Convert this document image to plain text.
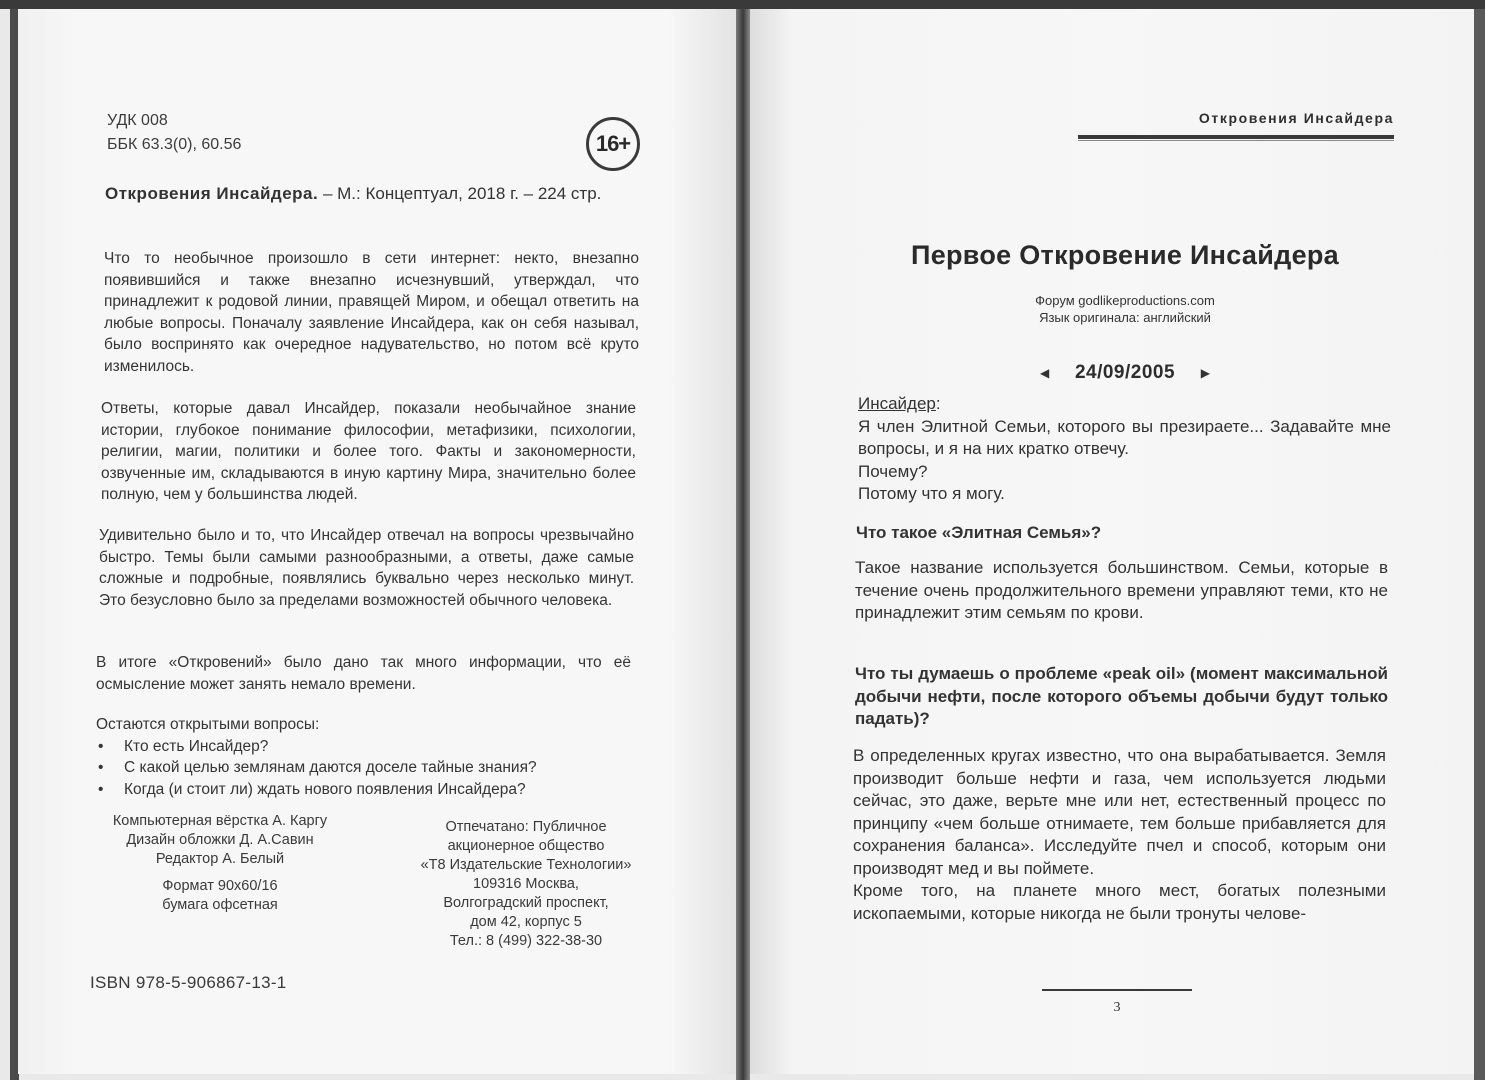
УДК 008
ББК 63.3(0), 60.56	16+
Откровения Инсайдера. – М.: Концептуал, 2018 г. – 224 стр.
Что то необычное произошло в сети интернет: некто, внезапно появившийся и также внезапно исчезнувший, утверждал, что принадлежит к родовой линии, правящей Миром, и обещал ответить на любые вопросы. Поначалу заявление Инсайдера, как он себя называл, было воспринято как очередное надувательство, но потом всё круто изменилось.
Ответы, которые давал Инсайдер, показали необычайное знание истории, глубокое понимание философии, метафизики, психологии, религии, магии, политики и более того. Факты и закономерности, озвученные им, складываются в иную картину Мира, значительно более полную, чем у большинства людей.
Удивительно было и то, что Инсайдер отвечал на вопросы чрезвычайно быстро. Темы были самыми разнообразными, а ответы, даже самые сложные и подробные, появлялись буквально через несколько минут. Это безусловно было за пределами возможностей обычного человека.
В итоге «Откровений» было дано так много информации, что её осмысление может занять немало времени.
Остаются открытыми вопросы:
• Кто есть Инсайдер?
• С какой целью землянам даются доселе тайные знания?
• Когда (и стоит ли) ждать нового появления Инсайдера?
Компьютерная вёрстка А. Каргу
Дизайн обложки Д. А.Савин
Редактор А. Белый
Формат 90х60/16
бумага офсетная
Отпечатано: Публичное
акционерное общество
«Т8 Издательские Технологии»
109316 Москва,
Волгоградский проспект,
дом 42, корпус 5
Тел.: 8 (499) 322-38-30
ISBN 978-5-906867-13-1
Откровения Инсайдера
Первое Откровение Инсайдера
Форум godlikeproductions.com
Язык оригинала: английский
◀ 24/09/2005 ▶
Инсайдер:
Я член Элитной Семьи, которого вы презираете... Задавайте мне вопросы, и я на них кратко отвечу.
Почему?
Потому что я могу.
Что такое «Элитная Семья»?
Такое название используется большинством. Семьи, которые в течение очень продолжительного времени управляют теми, кто не принадлежит этим семьям по крови.
Что ты думаешь о проблеме «peak oil» (момент максимальной добычи нефти, после которого объемы добычи будут только падать)?
В определенных кругах известно, что она вырабатывается. Земля производит больше нефти и газа, чем используется людьми сейчас, это даже, верьте мне или нет, естественный процесс по принципу «чем больше отнимаете, тем больше прибавляется для сохранения баланса». Исследуйте пчел и способ, которым они производят мед и вы поймете.
Кроме того, на планете много мест, богатых полезными ископаемыми, которые никогда не были тронуты челове-
3
